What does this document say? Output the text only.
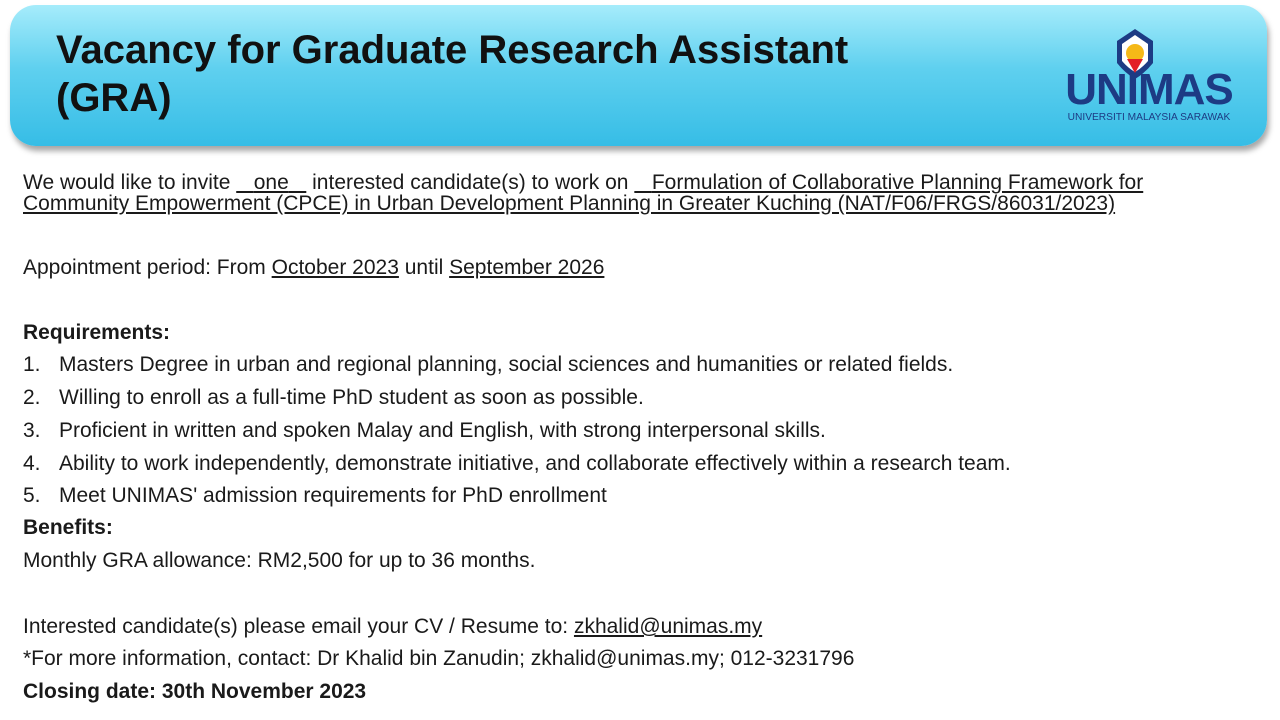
Vacancy for Graduate Research Assistant (GRA)	UNIMAS
UNIVERSITI MALAYSIA SARAWAK

We would like to invite one interested candidate(s) to work on Formulation of Collaborative Planning Framework for Community Empowerment (CPCE) in Urban Development Planning in Greater Kuching (NAT/F06/FRGS/86031/2023)

Appointment period: From October 2023 until September 2026

Requirements:

1. Masters Degree in urban and regional planning, social sciences and humanities or related fields.
2. Willing to enroll as a full-time PhD student as soon as possible.
3. Proficient in written and spoken Malay and English, with strong interpersonal skills.
4. Ability to work independently, demonstrate initiative, and collaborate effectively within a research team.
5. Meet UNIMAS' admission requirements for PhD enrollment

Benefits:

Monthly GRA allowance: RM2,500 for up to 36 months.

Interested candidate(s) please email your CV / Resume to: zkhalid@unimas.my

*For more information, contact: Dr Khalid bin Zanudin; zkhalid@unimas.my; 012-3231796

Closing date: 30th November 2023
